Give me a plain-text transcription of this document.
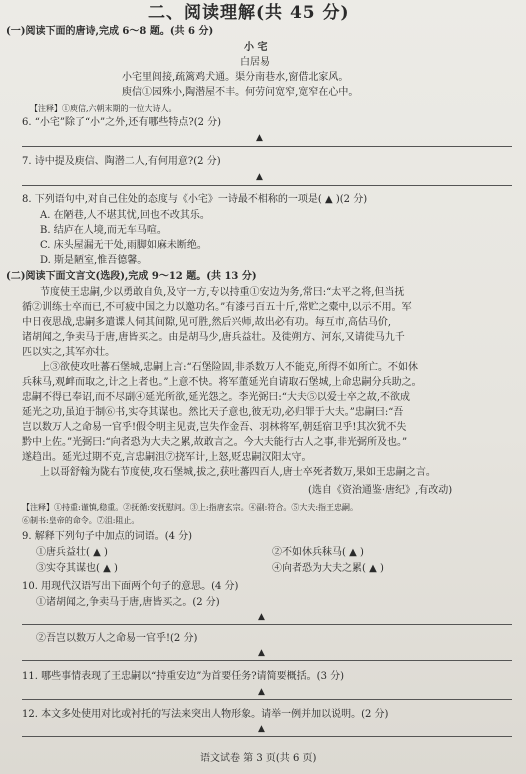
二、阅读理解(共 45 分)
(一)阅读下面的唐诗,完成 6～8 题。(共 6 分)
小 宅
白居易
小宅里闾接,疏篱鸡犬通。渠分南巷水,窗借北家风。
庾信①园殊小,陶潜屋不丰。何劳问宽窄,宽窄在心中。
【注释】①庾信,六朝末期的一位大诗人。
6. “小宅”除了“小”之外,还有哪些特点?(2 分)
▲
7. 诗中提及庾信、陶潜二人,有何用意?(2 分)
▲
8. 下列语句中,对自己住处的态度与《小宅》一诗最不相称的一项是( ▲ )(2 分)
A. 在陋巷,人不堪其忧,回也不改其乐。
B. 结庐在人境,而无车马喧。
C. 床头屋漏无干处,雨脚如麻未断绝。
D. 斯是陋室,惟吾德馨。
(二)阅读下面文言文(选段),完成 9～12 题。(共 13 分)
节度使王忠嗣,少以勇敢自负,及守一方,专以持重①安边为务,常曰:“太平之将,但当抚
循②训练士卒而已,不可疲中国之力以邀功名。”有漆弓百五十斤,常贮之橐中,以示不用。军
中日夜思战,忠嗣多遣谍人伺其间隙,见可胜,然后兴师,故出必有功。每互市,高估马价,
诸胡闻之,争卖马于唐,唐皆买之。由是胡马少,唐兵益壮。及徙朔方、河东,又请徙马九千
匹以实之,其军亦壮。
上③欲使攻吐蕃石堡城,忠嗣上言:“石堡险固,非杀数万人不能克,所得不如所亡。不如休
兵秣马,观衅而取之,计之上者也。”上意不快。将军董延光自请取石堡城,上命忠嗣分兵助之。
忠嗣不得已奉诏,而不尽副④延光所欲,延光怨之。李光弼曰:“大夫⑤以爱士卒之故,不欲成
延光之功,虽迫于制⑥书,实夺其谋也。然比天子意也,彼无功,必归罪于大夫。”忠嗣曰:“吾
岂以数万人之命易一官乎!假令明主见责,岂失作金吾、羽林将军,朝廷宿卫乎!其次犹不失
黔中上佐。”光弼曰:“向者恐为大夫之累,故敢言之。今大夫能行古人之事,非光弼所及也。”
遂趋出。延光过期不克,言忠嗣沮⑦挠军计,上怒,贬忠嗣汉阳太守。
上以哥舒翰为陇右节度使,攻石堡城,拔之,获吐蕃四百人,唐士卒死者数万,果如王忠嗣之言。
(选自《资治通鉴·唐纪》,有改动)
【注释】①持重:谨慎,稳重。②抚循:安抚慰问。③上:指唐玄宗。④副:符合。⑤大夫:指王忠嗣。
⑥制书:皇帝的命令。⑦沮:阻止。
9. 解释下列句子中加点的词语。(4 分)
①唐兵益壮( ▲ )	②不如休兵秣马( ▲ )
③实夺其谋也( ▲ )	④向者恐为大夫之累( ▲ )
10. 用现代汉语写出下面两个句子的意思。(4 分)
①诸胡闻之,争卖马于唐,唐皆买之。(2 分)
▲
②吾岂以数万人之命易一官乎!(2 分)
▲
11. 哪些事情表现了王忠嗣以“持重安边”为首要任务?请简要概括。(3 分)
▲
12. 本文多处使用对比或衬托的写法来突出人物形象。请举一例并加以说明。(2 分)
▲
语文试卷 第 3 页(共 6 页)
